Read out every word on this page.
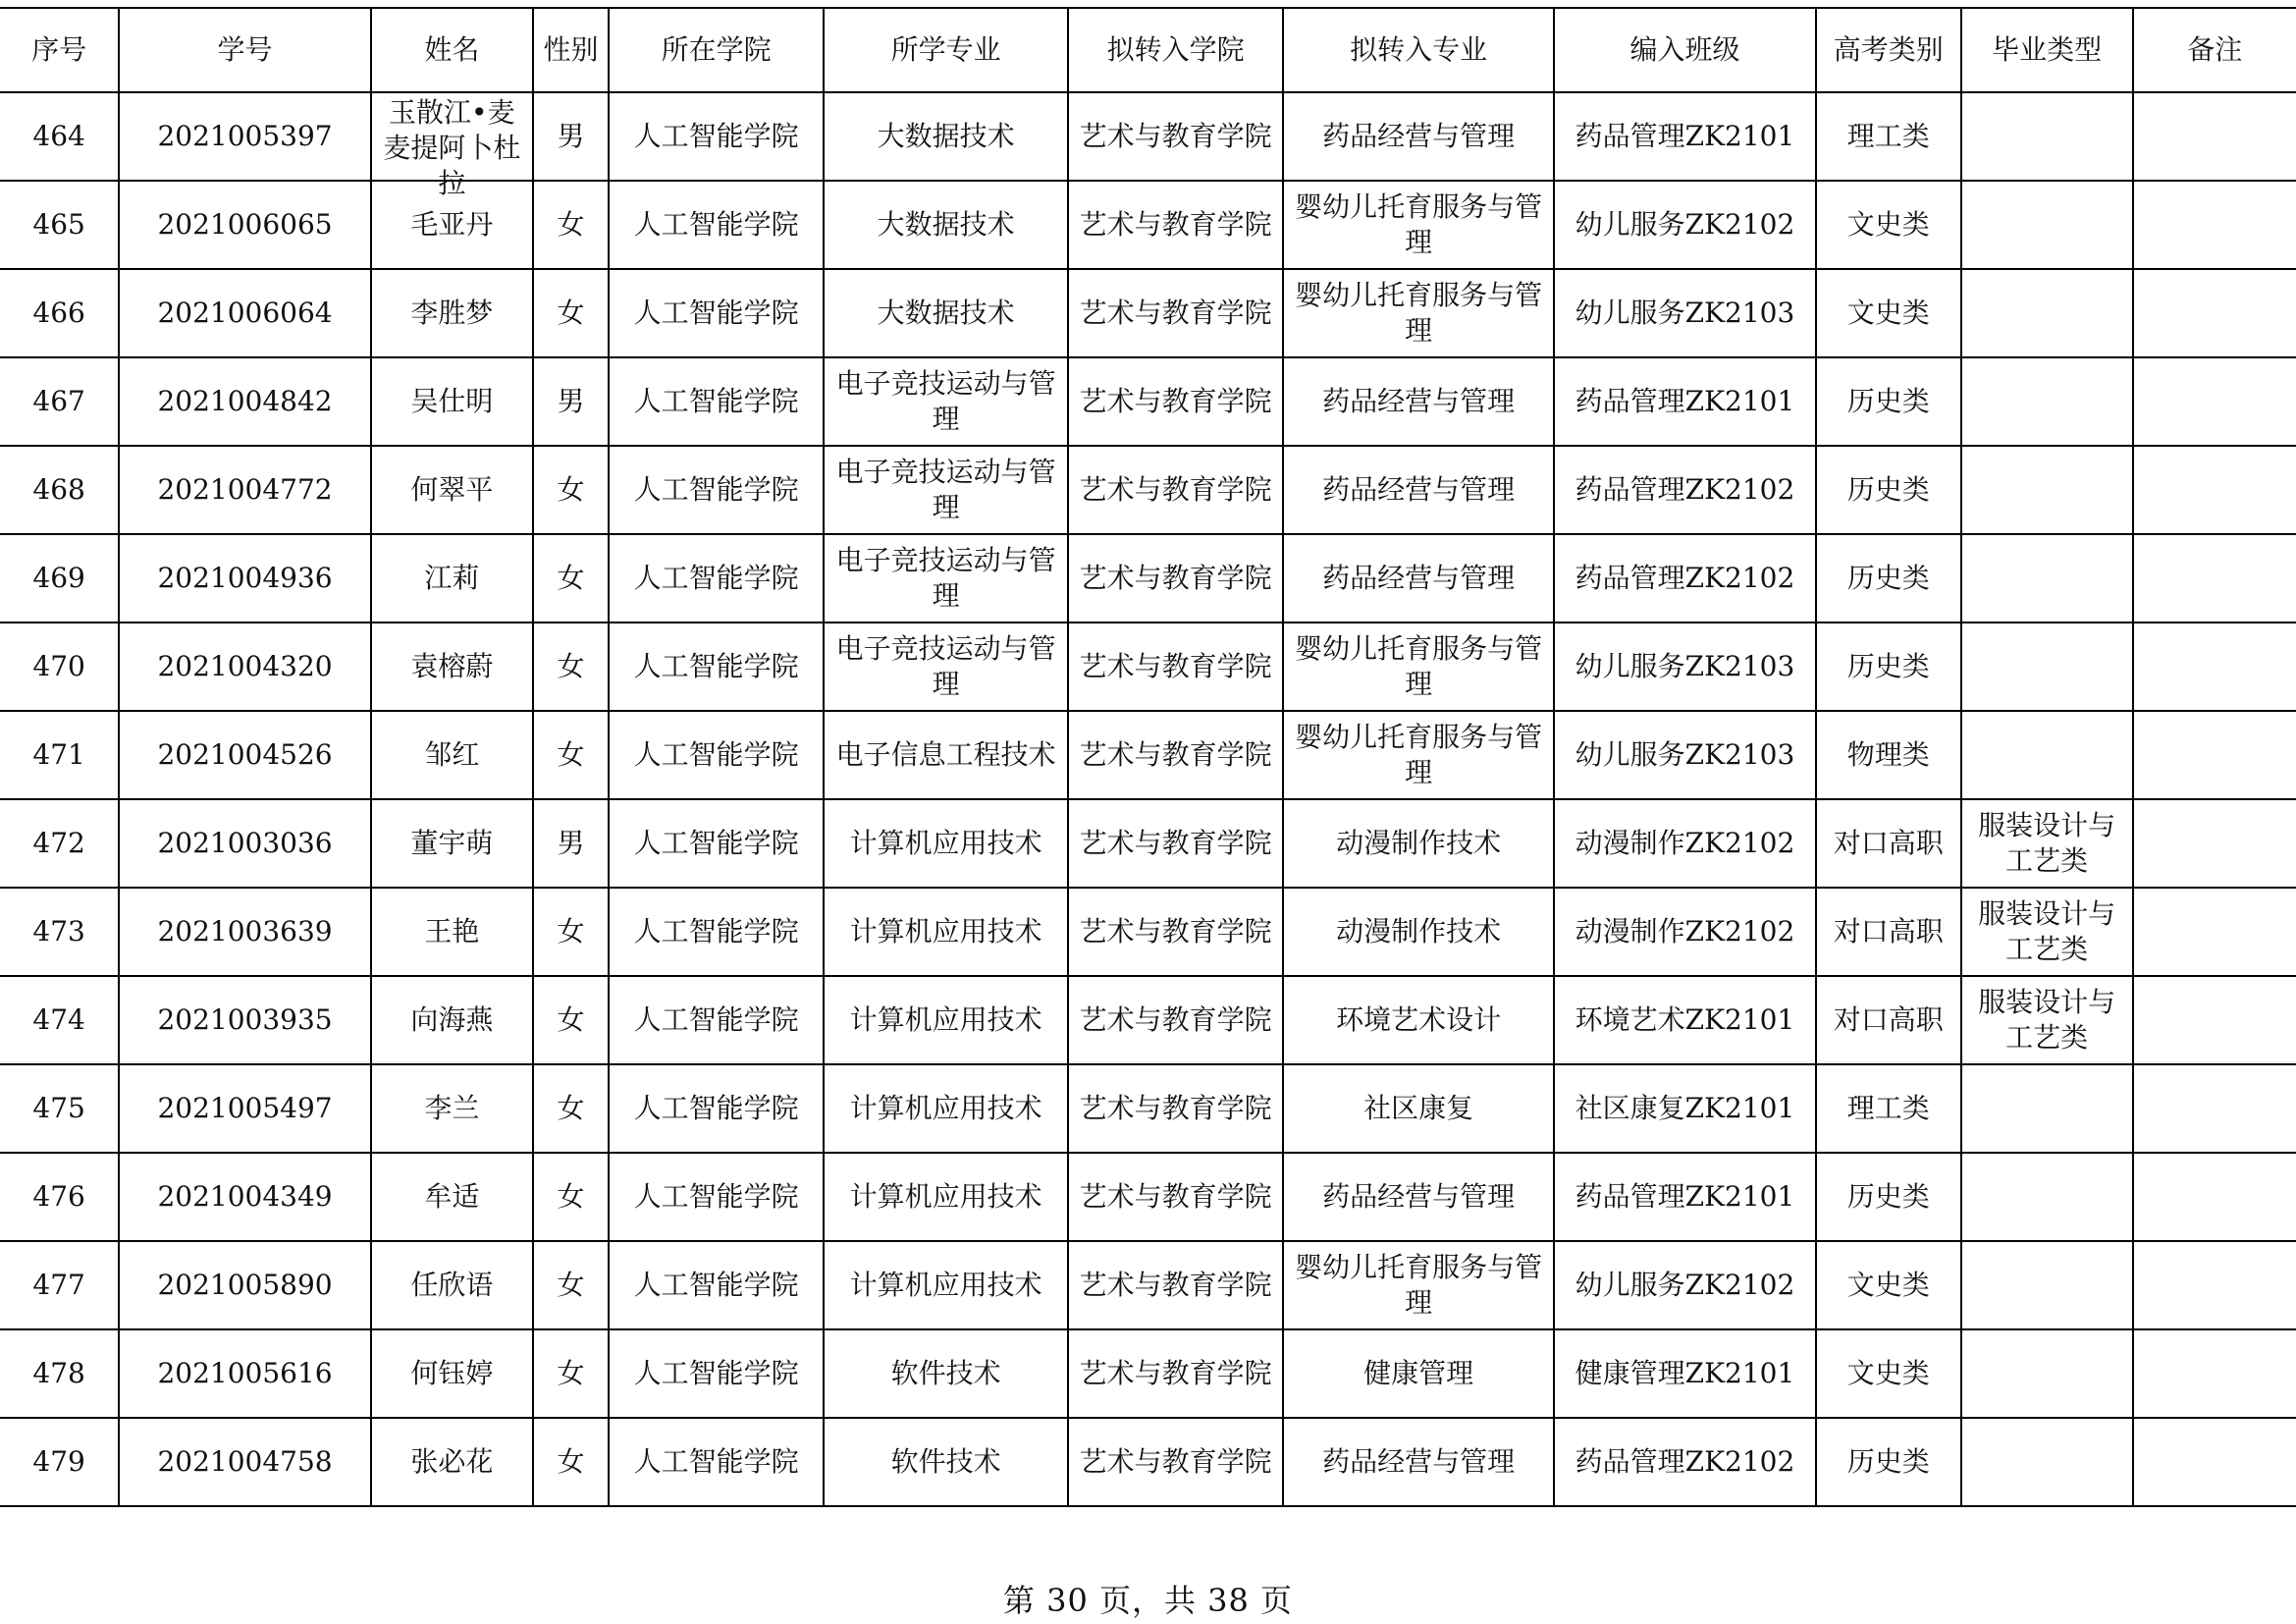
序号	学号	姓名	性别	所在学院	所学专业	拟转入学院	拟转入专业	编入班级	高考类别	毕业类型	备注

464	2021005397	玉散江•麦麦提阿卜杜拉	男	人工智能学院	大数据技术	艺术与教育学院	药品经营与管理	药品管理ZK2101	理工类		

465	2021006065	毛亚丹	女	人工智能学院	大数据技术	艺术与教育学院	婴幼儿托育服务与管理	幼儿服务ZK2102	文史类		

466	2021006064	李胜梦	女	人工智能学院	大数据技术	艺术与教育学院	婴幼儿托育服务与管理	幼儿服务ZK2103	文史类		

467	2021004842	吴仕明	男	人工智能学院	电子竞技运动与管理	艺术与教育学院	药品经营与管理	药品管理ZK2101	历史类		

468	2021004772	何翠平	女	人工智能学院	电子竞技运动与管理	艺术与教育学院	药品经营与管理	药品管理ZK2102	历史类		

469	2021004936	江莉	女	人工智能学院	电子竞技运动与管理	艺术与教育学院	药品经营与管理	药品管理ZK2102	历史类		

470	2021004320	袁榕蔚	女	人工智能学院	电子竞技运动与管理	艺术与教育学院	婴幼儿托育服务与管理	幼儿服务ZK2103	历史类		

471	2021004526	邹红	女	人工智能学院	电子信息工程技术	艺术与教育学院	婴幼儿托育服务与管理	幼儿服务ZK2103	物理类		

472	2021003036	董宇萌	男	人工智能学院	计算机应用技术	艺术与教育学院	动漫制作技术	动漫制作ZK2102	对口高职	服装设计与工艺类	

473	2021003639	王艳	女	人工智能学院	计算机应用技术	艺术与教育学院	动漫制作技术	动漫制作ZK2102	对口高职	服装设计与工艺类	

474	2021003935	向海燕	女	人工智能学院	计算机应用技术	艺术与教育学院	环境艺术设计	环境艺术ZK2101	对口高职	服装设计与工艺类	

475	2021005497	李兰	女	人工智能学院	计算机应用技术	艺术与教育学院	社区康复	社区康复ZK2101	理工类		

476	2021004349	牟适	女	人工智能学院	计算机应用技术	艺术与教育学院	药品经营与管理	药品管理ZK2101	历史类		

477	2021005890	任欣语	女	人工智能学院	计算机应用技术	艺术与教育学院	婴幼儿托育服务与管理	幼儿服务ZK2102	文史类		

478	2021005616	何钰婷	女	人工智能学院	软件技术	艺术与教育学院	健康管理	健康管理ZK2101	文史类		

479	2021004758	张必花	女	人工智能学院	软件技术	艺术与教育学院	药品经营与管理	药品管理ZK2102	历史类		

第 30 页，共 38 页
